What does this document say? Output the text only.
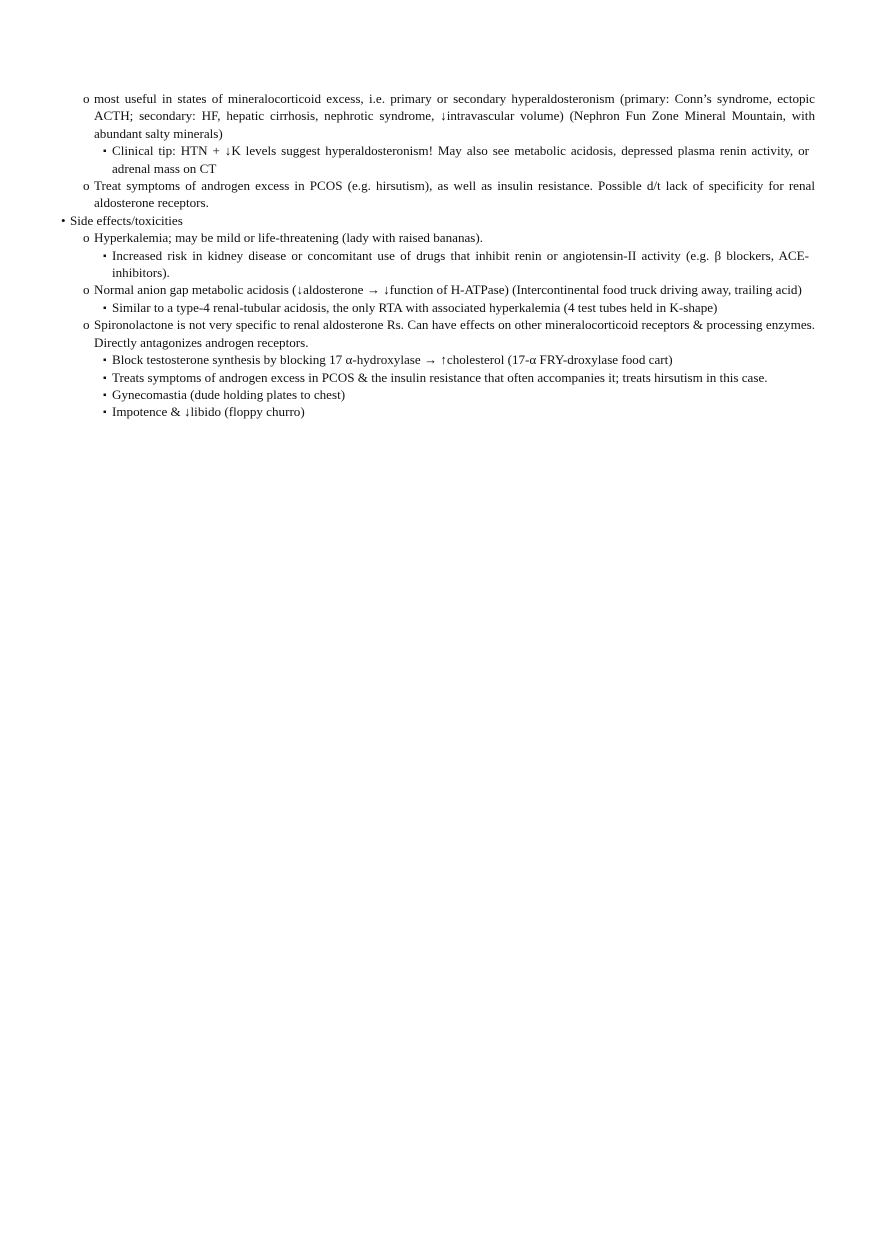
o most useful in states of mineralocorticoid excess, i.e. primary or secondary hyperaldosteronism (primary: Conn’s syndrome, ectopic ACTH; secondary: HF, hepatic cirrhosis, nephrotic syndrome, ↓intravascular volume) (Nephron Fun Zone Mineral Mountain, with abundant salty minerals)
▪ Clinical tip: HTN + ↓K levels suggest hyperaldosteronism! May also see metabolic acidosis, depressed plasma renin activity, or adrenal mass on CT
o Treat symptoms of androgen excess in PCOS (e.g. hirsutism), as well as insulin resistance. Possible d/t lack of specificity for renal aldosterone receptors.
• Side effects/toxicities
o Hyperkalemia; may be mild or life-threatening (lady with raised bananas).
▪ Increased risk in kidney disease or concomitant use of drugs that inhibit renin or angiotensin-II activity (e.g. β blockers, ACE-inhibitors).
o Normal anion gap metabolic acidosis (↓aldosterone → ↓function of H-ATPase) (Intercontinental food truck driving away, trailing acid)
▪ Similar to a type-4 renal-tubular acidosis, the only RTA with associated hyperkalemia (4 test tubes held in K-shape)
o Spironolactone is not very specific to renal aldosterone Rs. Can have effects on other mineralocorticoid receptors & processing enzymes. Directly antagonizes androgen receptors.
▪ Block testosterone synthesis by blocking 17 α-hydroxylase → ↑cholesterol (17-α FRY-droxylase food cart)
▪ Treats symptoms of androgen excess in PCOS & the insulin resistance that often accompanies it; treats hirsutism in this case.
▪ Gynecomastia (dude holding plates to chest)
▪ Impotence & ↓libido (floppy churro)
